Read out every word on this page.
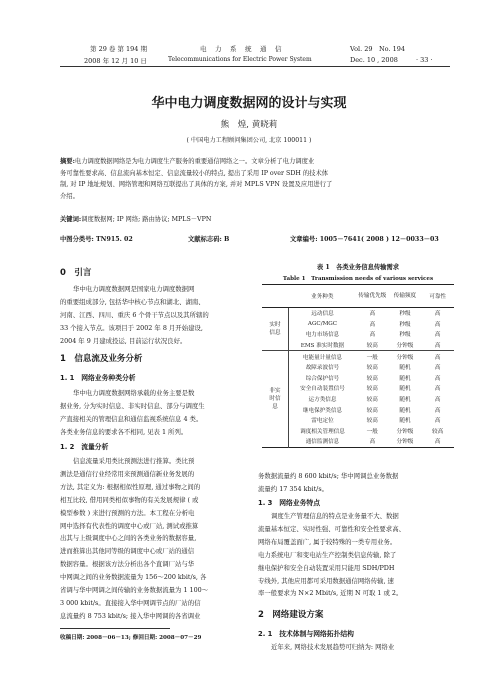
第 29 卷 第 194 期
2008 年 12 月 10 日
电　力　系　统　通　信
Telecommunications for Electric Power System
Vol. 29　No. 194
Dec. 10 , 2008	· 33 ·
华中电力调度数据网的设计与实现
熊　煌, 黄晓莉
( 中国电力工程顾问集团公司, 北京 100011 )
摘要:电力调度数据网络是为电力调度生产服务的重要通信网络之一。文章分析了电力调度业
务可靠性要求高、信息流向基本恒定、信息流量较小的特点, 提出了采用 IP over SDH 的技术体
制, 对 IP 地址规划、网络管理和网络互联提出了具体的方案, 并对 MPLS VPN 设置及应用进行了
介绍。
关键词:调度数据网; IP 网络; 路由协议; MPLS－VPN
中图分类号: TN915. 02	文献标志码: B	文章编号: 1005－7641( 2008 ) 12－0033－03
0　引言
华中电力调度数据网是国家电力调度数据网
的重要组成部分, 包括华中核心节点和湖北、湖南、
河南、江西、四川、重庆 6 个骨干节点以及其所辖的
33 个接入节点。该项目于 2002 年 8 月开始建设,
2004 年 9 月建成投运, 目前运行状况良好。
1　信息流及业务分析
1. 1　网络业务种类分析
华中电力调度数据网络承载的业务主要是数
据业务, 分为实时信息、非实时信息、部分与调度生
产直接相关的管理信息和通信监视系统信息 4 类。
各类业务信息的要求各不相同, 见表 1 所列。
1. 2　流量分析
信息流量采用类比预测法进行推算。类比预
测法是通信行业经常用来预测通信新业务发展的
方法, 其定义为: 根据相似性原理, 通过事物之间的
相互比较, 借用同类相似事物的有关发展规律 ( 或
模型参数 ) 来进行预测的方法。本工程在分析电
网中选择有代表性的调度中心或厂站, 测试或推算
出其与上级调度中心之间的各类业务的数据容量,
进而推算出其他同等级的调度中心或厂站的通信
数据容量。根据该方法分析出各个直调厂站与华
中网调之间的业务数据流量为 156～200 kbit/s, 各
省调与华中网调之间传输的业务数据流量为 1 100～
3 000 kbit/s。直接接入华中网调节点的厂站的信
息流量约 8 753 kbit/s; 接入华中网调的各省调业
收稿日期: 2008－06－13; 修回日期: 2008－07－29
表 1　各类业务信息传输需求
Table 1　Transmission needs of various services
	业务种类	传输优先级	传输频度	可靠性
实时信息	远动信息	高	秒级	高
	AGC/MGC	高	秒级	高
	电力市场信息	高	秒级	高
	EMS 准实时数据	较高	分钟级	高
非实时信息	电能量计量信息	一般	分钟级	高
	故障录波信号	较高	随机	高
	综合保护信号	较高	随机	高
	安全自动装置信号	较高	随机	高
	运方类信息	较高	随机	高
	继电保护类信息	较高	随机	高
	雷电定位	较高	随机	高
	调度相关管理信息	一般	分钟级	较高
	通信监测信息	高	分钟级	高
务数据流量约 8 600 kbit/s; 华中网调总业务数据
流量约 17 354 kbit/s。
1. 3　网络业务特点
调度生产管理信息的特点是业务量不大、数据
流量基本恒定、实时性强、可靠性和安全性要求高、
网络布局覆盖面广, 属于较特殊的一类专用业务。
电力系统电厂和变电站生产控制类信息传输, 除了
继电保护和安全自动装置采用只能用 SDH/PDH
专线外, 其他应用都可采用数据通信网络传输, 速
率一般要求为 N×2 Mbit/s, 近期 N 可取 1 或 2。
2　网络建设方案
2. 1　技术体制与网络拓扑结构
近年来, 网络技术发展趋势可归纳为: 网络业
